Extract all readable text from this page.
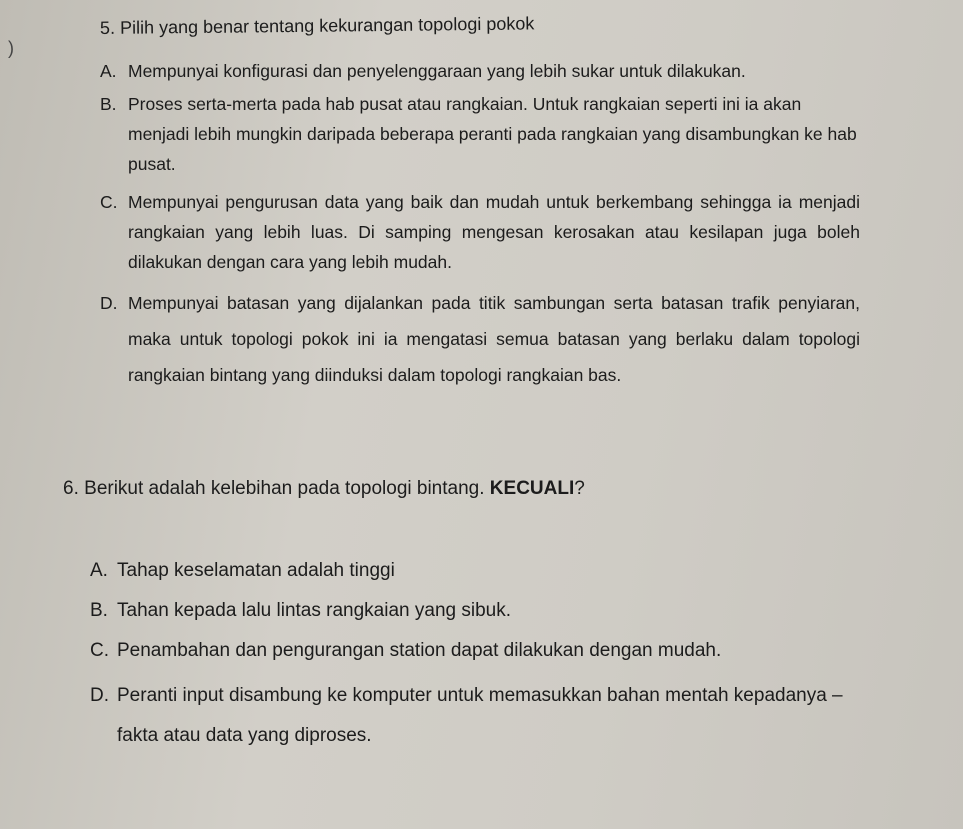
)
5. Pilih yang benar tentang kekurangan topologi pokok
A. Mempunyai konfigurasi dan penyelenggaraan yang lebih sukar untuk dilakukan.
B. Proses serta-merta pada hab pusat atau rangkaian. Untuk rangkaian seperti ini ia akan menjadi lebih mungkin daripada beberapa peranti pada rangkaian yang disambungkan ke hab pusat.
C. Mempunyai pengurusan data yang baik dan mudah untuk berkembang sehingga ia menjadi rangkaian yang lebih luas. Di samping mengesan kerosakan atau kesilapan juga boleh dilakukan dengan cara yang lebih mudah.
D. Mempunyai batasan yang dijalankan pada titik sambungan serta batasan trafik penyiaran, maka untuk topologi pokok ini ia mengatasi semua batasan yang berlaku dalam topologi rangkaian bintang yang diinduksi dalam topologi rangkaian bas.
6. Berikut adalah kelebihan pada topologi bintang. KECUALI?
A. Tahap keselamatan adalah tinggi
B. Tahan kepada lalu lintas rangkaian yang sibuk.
C. Penambahan dan pengurangan station dapat dilakukan dengan mudah.
D. Peranti input disambung ke komputer untuk memasukkan bahan mentah kepadanya – fakta atau data yang diproses.
